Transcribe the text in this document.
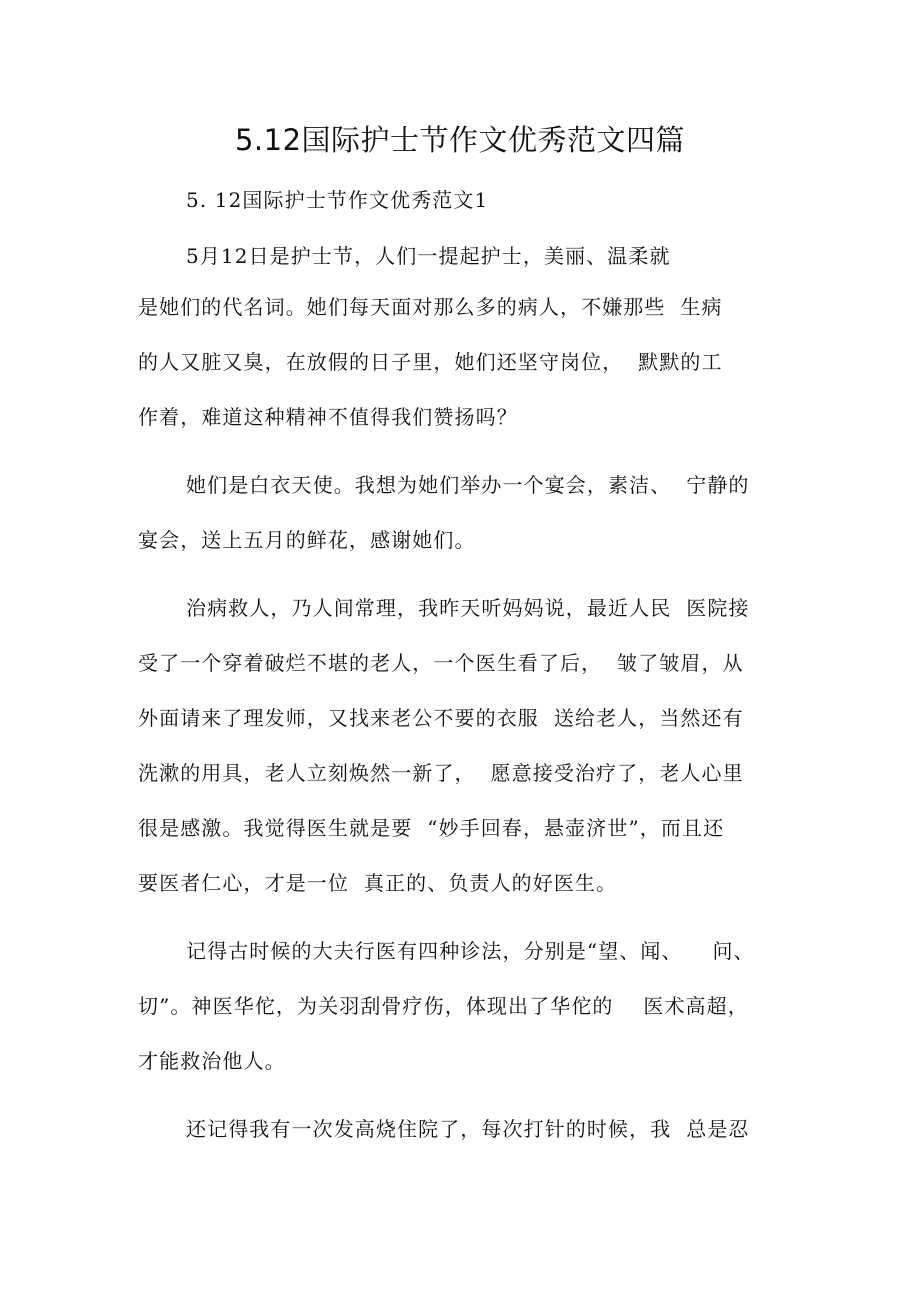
5.12国际护士节作文优秀范文四篇
5. 12国际护士节作文优秀范文1
5月12日是护士节，人们一提起护士，美丽、温柔就
是她们的代名词。她们每天面对那么多的病人，不嫌那些  生病
的人又脏又臭，在放假的日子里，她们还坚守岗位，  默默的工
作着，难道这种精神不值得我们赞扬吗？
她们是白衣天使。我想为她们举办一个宴会，素洁、  宁静的
宴会，送上五月的鲜花，感谢她们。
治病救人，乃人间常理，我昨天听妈妈说，最近人民  医院接
受了一个穿着破烂不堪的老人，一个医生看了后，  皱了皱眉，从
外面请来了理发师，又找来老公不要的衣服  送给老人，当然还有
洗漱的用具，老人立刻焕然一新了，  愿意接受治疗了，老人心里
很是感激。我觉得医生就是要  “妙手回春，悬壶济世”，而且还
要医者仁心，才是一位  真正的、负责人的好医生。
记得古时候的大夫行医有四种诊法，分别是“望、闻、    问、
切”。神医华佗，为关羽刮骨疗伤，体现出了华佗的    医术高超，
才能救治他人。
还记得我有一次发高烧住院了，每次打针的时候，我  总是忍
